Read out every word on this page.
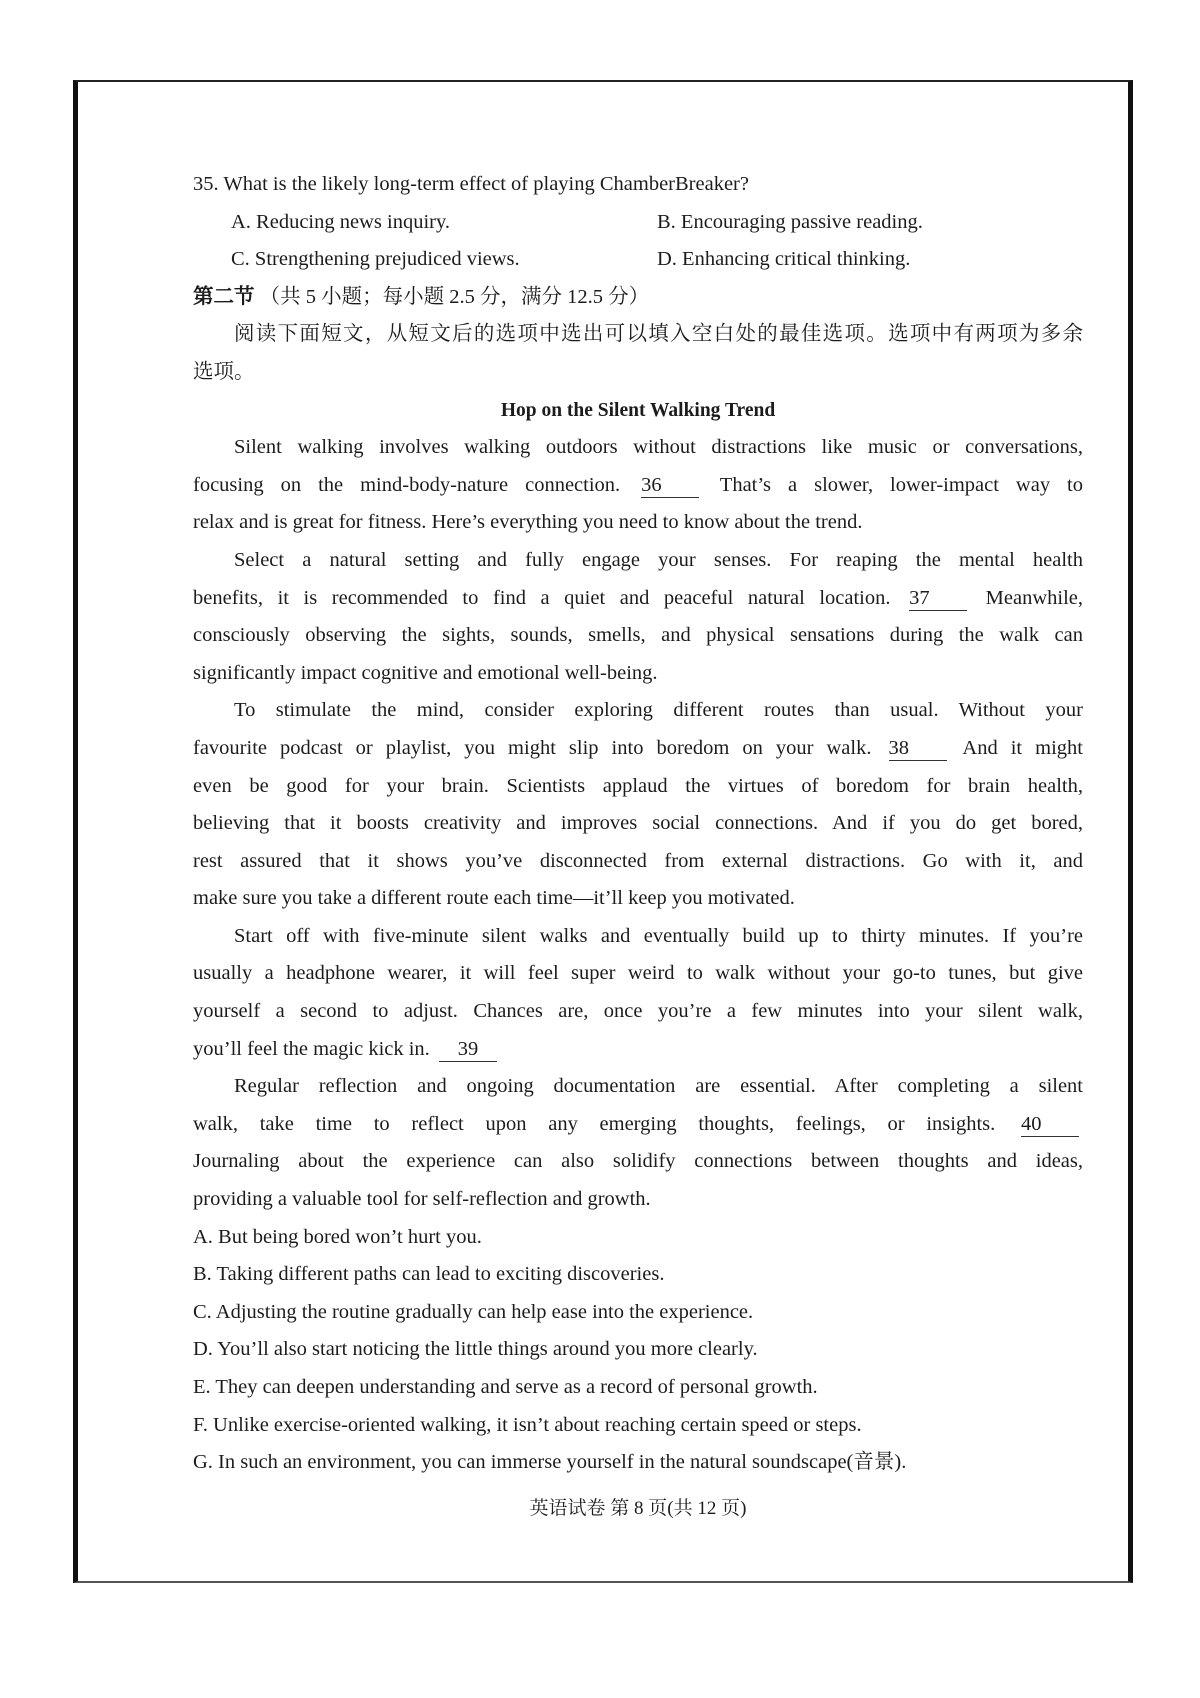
35. What is the likely long-term effect of playing ChamberBreaker?
A. Reducing news inquiry.	B. Encouraging passive reading.
C. Strengthening prejudiced views.	D. Enhancing critical thinking.
第二节 （共 5 小题；每小题 2.5 分，满分 12.5 分）
阅读下面短文，从短文后的选项中选出可以填入空白处的最佳选项。选项中有两项为多余
选项。
Hop on the Silent Walking Trend
Silent walking involves walking outdoors without distractions like music or conversations,
focusing on the mind-body-nature connection. 36	That’s a slower, lower-impact way to
relax and is great for fitness. Here’s everything you need to know about the trend.
Select a natural setting and fully engage your senses. For reaping the mental health
benefits, it is recommended to find a quiet and peaceful natural location. 37	Meanwhile,
consciously observing the sights, sounds, smells, and physical sensations during the walk can
significantly impact cognitive and emotional well-being.
To stimulate the mind, consider exploring different routes than usual. Without your
favourite podcast or playlist, you might slip into boredom on your walk. 38	And it might
even be good for your brain. Scientists applaud the virtues of boredom for brain health,
believing that it boosts creativity and improves social connections. And if you do get bored,
rest assured that it shows you’ve disconnected from external distractions. Go with it, and
make sure you take a different route each time—it’ll keep you motivated.
Start off with five-minute silent walks and eventually build up to thirty minutes. If you’re
usually a headphone wearer, it will feel super weird to walk without your go-to tunes, but give
yourself a second to adjust. Chances are, once you’re a few minutes into your silent walk,
you’ll feel the magic kick in. 39
Regular reflection and ongoing documentation are essential. After completing a silent
walk, take time to reflect upon any emerging thoughts, feelings, or insights. 40
Journaling about the experience can also solidify connections between thoughts and ideas,
providing a valuable tool for self-reflection and growth.
A. But being bored won’t hurt you.
B. Taking different paths can lead to exciting discoveries.
C. Adjusting the routine gradually can help ease into the experience.
D. You’ll also start noticing the little things around you more clearly.
E. They can deepen understanding and serve as a record of personal growth.
F. Unlike exercise-oriented walking, it isn’t about reaching certain speed or steps.
G. In such an environment, you can immerse yourself in the natural soundscape(音景).
英语试卷 第 8 页(共 12 页)
